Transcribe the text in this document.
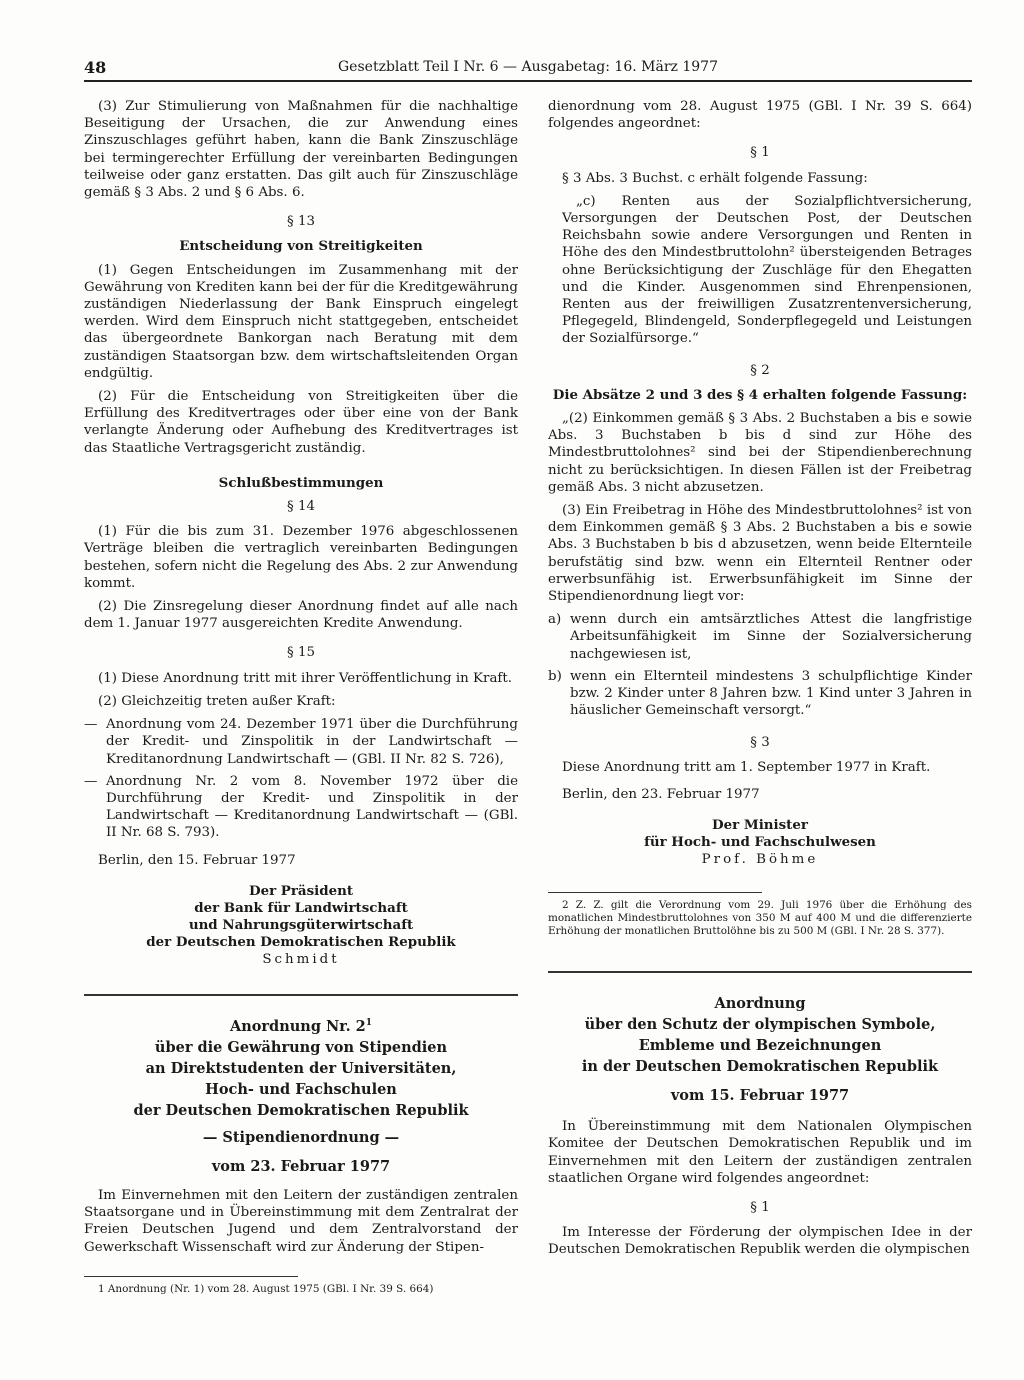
48	Gesetzblatt Teil I Nr. 6 — Ausgabetag: 16. März 1977

(3) Zur Stimulierung von Maßnahmen für die nachhaltige Beseitigung der Ursachen, die zur Anwendung eines Zinszuschlages geführt haben, kann die Bank Zinszuschläge bei termingerechter Erfüllung der vereinbarten Bedingungen teilweise oder ganz erstatten. Das gilt auch für Zinszuschläge gemäß § 3 Abs. 2 und § 6 Abs. 6.

§ 13
Entscheidung von Streitigkeiten

(1) Gegen Entscheidungen im Zusammenhang mit der Gewährung von Krediten kann bei der für die Kreditgewährung zuständigen Niederlassung der Bank Einspruch eingelegt werden. Wird dem Einspruch nicht stattgegeben, entscheidet das übergeordnete Bankorgan nach Beratung mit dem zuständigen Staatsorgan bzw. dem wirtschaftsleitenden Organ endgültig.

(2) Für die Entscheidung von Streitigkeiten über die Erfüllung des Kreditvertrages oder über eine von der Bank verlangte Änderung oder Aufhebung des Kreditvertrages ist das Staatliche Vertragsgericht zuständig.

Schlußbestimmungen
§ 14

(1) Für die bis zum 31. Dezember 1976 abgeschlossenen Verträge bleiben die vertraglich vereinbarten Bedingungen bestehen, sofern nicht die Regelung des Abs. 2 zur Anwendung kommt.

(2) Die Zinsregelung dieser Anordnung findet auf alle nach dem 1. Januar 1977 ausgereichten Kredite Anwendung.

§ 15

(1) Diese Anordnung tritt mit ihrer Veröffentlichung in Kraft.

(2) Gleichzeitig treten außer Kraft:

— Anordnung vom 24. Dezember 1971 über die Durchführung der Kredit- und Zinspolitik in der Landwirtschaft — Kreditanordnung Landwirtschaft — (GBl. II Nr. 82 S. 726),
— Anordnung Nr. 2 vom 8. November 1972 über die Durchführung der Kredit- und Zinspolitik in der Landwirtschaft — Kreditanordnung Landwirtschaft — (GBl. II Nr. 68 S. 793).

Berlin, den 15. Februar 1977

Der Präsident
der Bank für Landwirtschaft
und Nahrungsgüterwirtschaft
der Deutschen Demokratischen Republik
Schmidt
Anordnung Nr. $2^1$
über die Gewährung von Stipendien
an Direktstudenten der Universitäten,
Hoch- und Fachschulen
der Deutschen Demokratischen Republik
— Stipendienordnung —
vom 23. Februar 1977

Im Einvernehmen mit den Leitern der zuständigen zentralen Staatsorgane und in Übereinstimmung mit dem Zentralrat der Freien Deutschen Jugend und dem Zentralvorstand der Gewerkschaft Wissenschaft wird zur Änderung der Stipen-

1 Anordnung (Nr. 1) vom 28. August 1975 (GBl. I Nr. 39 S. 664)

dienordnung vom 28. August 1975 (GBl. I Nr. 39 S. 664) folgendes angeordnet:

§ 1

§ 3 Abs. 3 Buchst. c erhält folgende Fassung:

„c) Renten aus der Sozialpflichtversicherung, Versorgungen der Deutschen Post, der Deutschen Reichsbahn sowie andere Versorgungen und Renten in Höhe des den Mindestbruttolohn² übersteigenden Betrages ohne Berücksichtigung der Zuschläge für den Ehegatten und die Kinder. Ausgenommen sind Ehrenpensionen, Renten aus der freiwilligen Zusatzrentenversicherung, Pflegegeld, Blindengeld, Sonderpflegegeld und Leistungen der Sozialfürsorge.“

§ 2
Die Absätze 2 und 3 des § 4 erhalten folgende Fassung:

„(2) Einkommen gemäß § 3 Abs. 2 Buchstaben a bis e sowie Abs. 3 Buchstaben b bis d sind zur Höhe des Mindestbruttolohnes² sind bei der Stipendienberechnung nicht zu berücksichtigen. In diesen Fällen ist der Freibetrag gemäß Abs. 3 nicht abzusetzen.

(3) Ein Freibetrag in Höhe des Mindestbruttolohnes² ist von dem Einkommen gemäß § 3 Abs. 2 Buchstaben a bis e sowie Abs. 3 Buchstaben b bis d abzusetzen, wenn beide Elternteile berufstätig sind bzw. wenn ein Elternteil Rentner oder erwerbsunfähig ist. Erwerbsunfähigkeit im Sinne der Stipendienordnung liegt vor:

a) wenn durch ein amtsärztliches Attest die langfristige Arbeitsunfähigkeit im Sinne der Sozialversicherung nachgewiesen ist,
b) wenn ein Elternteil mindestens 3 schulpflichtige Kinder bzw. 2 Kinder unter 8 Jahren bzw. 1 Kind unter 3 Jahren in häuslicher Gemeinschaft versorgt.“
§ 3

Diese Anordnung tritt am 1. September 1977 in Kraft.

Berlin, den 23. Februar 1977

Der Minister
für Hoch- und Fachschulwesen
Prof. Böhme

2 Z. Z. gilt die Verordnung vom 29. Juli 1976 über die Erhöhung des monatlichen Mindestbruttolohnes von 350 M auf 400 M und die differenzierte Erhöhung der monatlichen Bruttolöhne bis zu 500 M (GBl. I Nr. 28 S. 377).

Anordnung
über den Schutz der olympischen Symbole,
Embleme und Bezeichnungen
in der Deutschen Demokratischen Republik
vom 15. Februar 1977

In Übereinstimmung mit dem Nationalen Olympischen Komitee der Deutschen Demokratischen Republik und im Einvernehmen mit den Leitern der zuständigen zentralen staatlichen Organe wird folgendes angeordnet:

§ 1

Im Interesse der Förderung der olympischen Idee in der Deutschen Demokratischen Republik werden die olympischen
